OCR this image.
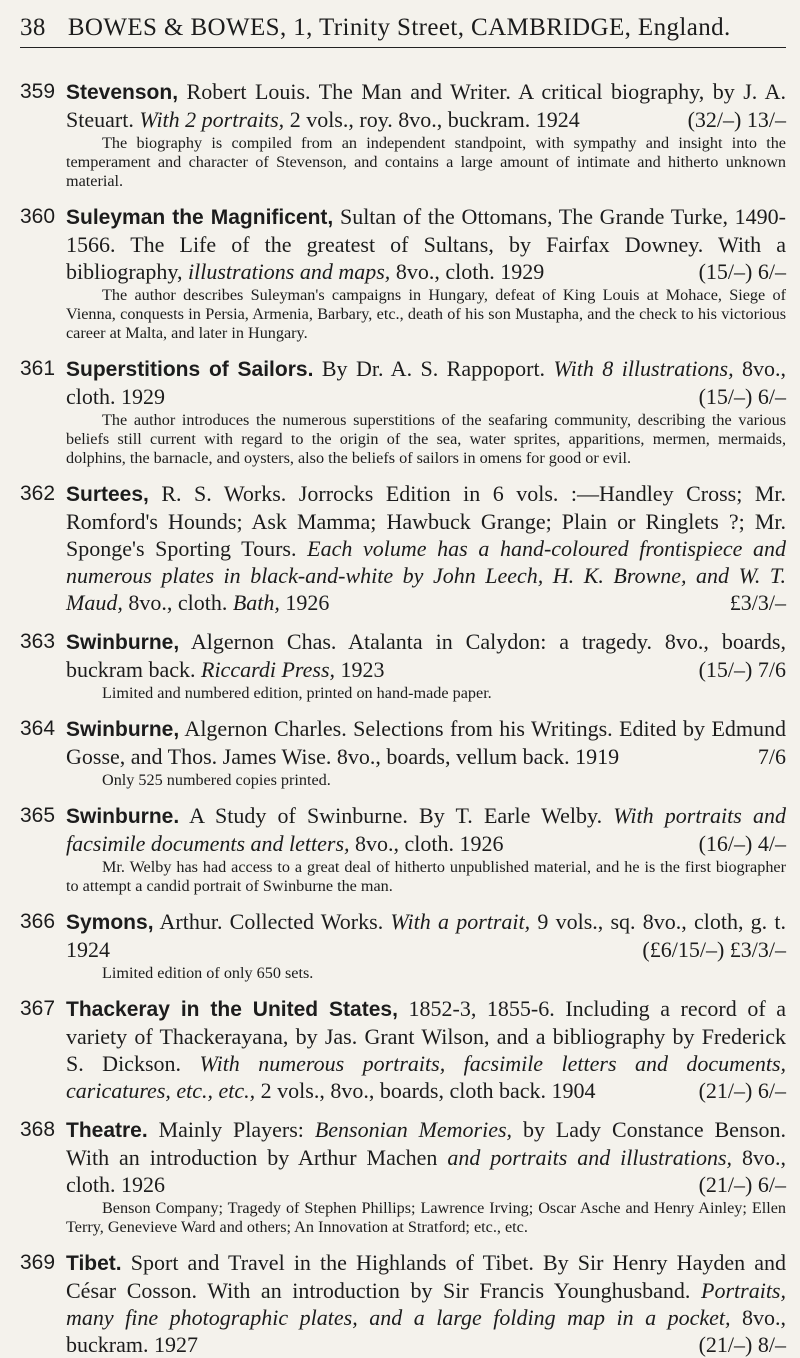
38 BOWES & BOWES, 1, Trinity Street, CAMBRIDGE, England.
359 Stevenson, Robert Louis. The Man and Writer. A critical biography, by J. A. Steuart. With 2 portraits, 2 vols., roy. 8vo., buckram. 1924	(32/–) 13/–
The biography is compiled from an independent standpoint, with sympathy and insight into the temperament and character of Stevenson, and contains a large amount of intimate and hitherto unknown material.
360 Suleyman the Magnificent, Sultan of the Ottomans, The Grande Turke, 1490-1566. The Life of the greatest of Sultans, by Fairfax Downey. With a bibliography, illustrations and maps, 8vo., cloth. 1929	(15/–) 6/–
The author describes Suleyman's campaigns in Hungary, defeat of King Louis at Mohace, Siege of Vienna, conquests in Persia, Armenia, Barbary, etc., death of his son Mustapha, and the check to his victorious career at Malta, and later in Hungary.
361 Superstitions of Sailors. By Dr. A. S. Rappoport. With 8 illustrations, 8vo., cloth. 1929	(15/–) 6/–
The author introduces the numerous superstitions of the seafaring community, describing the various beliefs still current with regard to the origin of the sea, water sprites, apparitions, mermen, mermaids, dolphins, the barnacle, and oysters, also the beliefs of sailors in omens for good or evil.
362 Surtees, R. S. Works. Jorrocks Edition in 6 vols. :—Handley Cross; Mr. Romford's Hounds; Ask Mamma; Hawbuck Grange; Plain or Ringlets ?; Mr. Sponge's Sporting Tours. Each volume has a hand-coloured frontispiece and numerous plates in black-and-white by John Leech, H. K. Browne, and W. T. Maud, 8vo., cloth. Bath, 1926	£3/3/–
363 Swinburne, Algernon Chas. Atalanta in Calydon: a tragedy. 8vo., boards, buckram back. Riccardi Press, 1923	(15/–) 7/6
Limited and numbered edition, printed on hand-made paper.
364 Swinburne, Algernon Charles. Selections from his Writings. Edited by Edmund Gosse, and Thos. James Wise. 8vo., boards, vellum back. 1919	7/6
Only 525 numbered copies printed.
365 Swinburne. A Study of Swinburne. By T. Earle Welby. With portraits and facsimile documents and letters, 8vo., cloth. 1926	(16/–) 4/–
Mr. Welby has had access to a great deal of hitherto unpublished material, and he is the first biographer to attempt a candid portrait of Swinburne the man.
366 Symons, Arthur. Collected Works. With a portrait, 9 vols., sq. 8vo., cloth, g. t. 1924	(£6/15/–) £3/3/–
Limited edition of only 650 sets.
367 Thackeray in the United States, 1852-3, 1855-6. Including a record of a variety of Thackerayana, by Jas. Grant Wilson, and a bibliography by Frederick S. Dickson. With numerous portraits, facsimile letters and documents, caricatures, etc., etc., 2 vols., 8vo., boards, cloth back. 1904	(21/–) 6/–
368 Theatre. Mainly Players: Bensonian Memories, by Lady Constance Benson. With an introduction by Arthur Machen and portraits and illustrations, 8vo., cloth. 1926	(21/–) 6/–
Benson Company; Tragedy of Stephen Phillips; Lawrence Irving; Oscar Asche and Henry Ainley; Ellen Terry, Genevieve Ward and others; An Innovation at Stratford; etc., etc.
369 Tibet. Sport and Travel in the Highlands of Tibet. By Sir Henry Hayden and César Cosson. With an introduction by Sir Francis Younghusband. Portraits, many fine photographic plates, and a large folding map in a pocket, 8vo., buckram. 1927	(21/–) 8/–
